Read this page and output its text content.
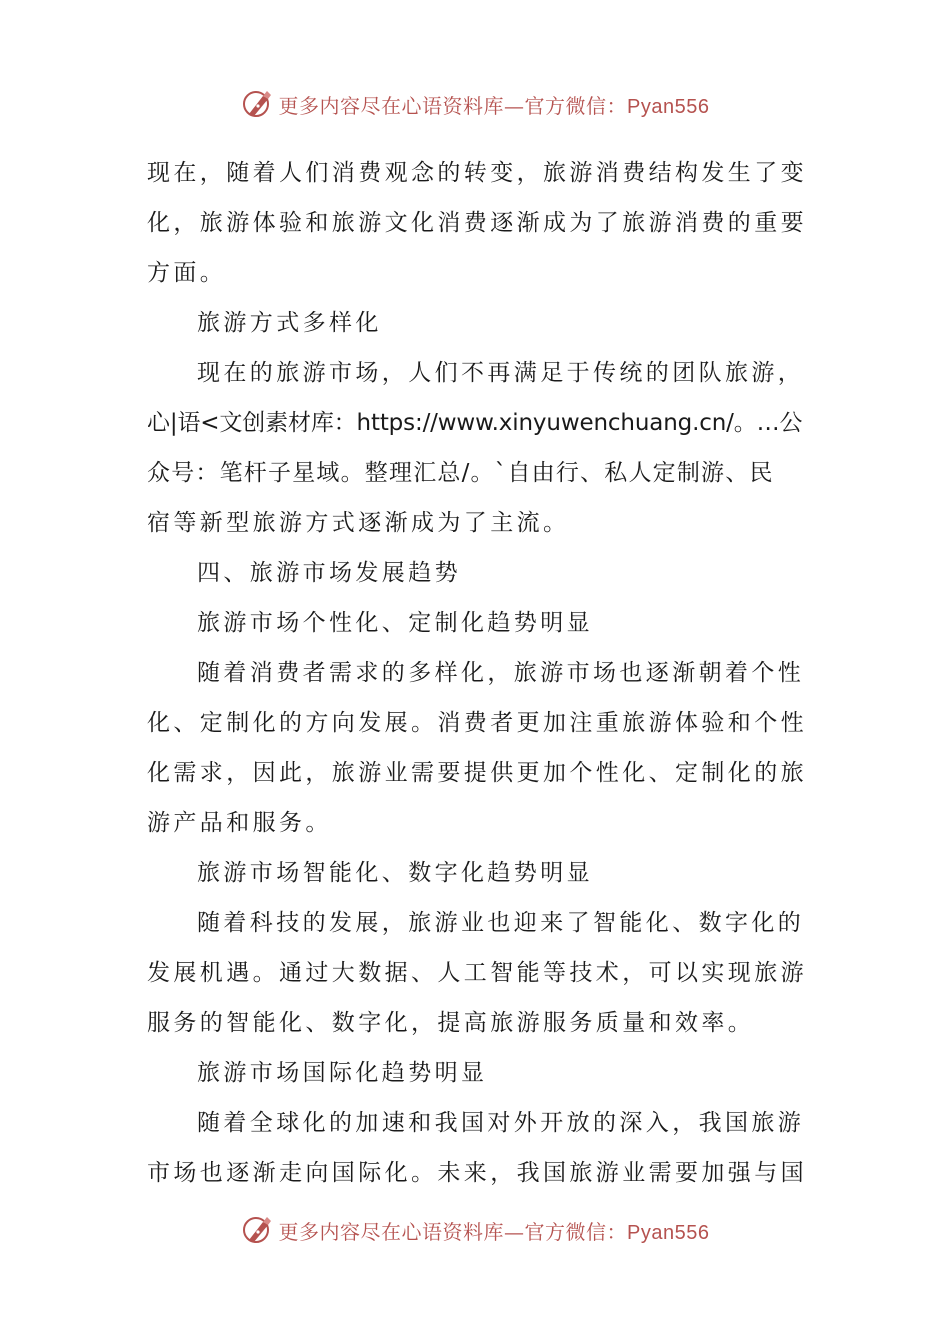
更多内容尽在心语资料库—官方微信：Pyan556
现在，随着人们消费观念的转变，旅游消费结构发生了变
化，旅游体验和旅游文化消费逐渐成为了旅游消费的重要
方面。
旅游方式多样化
现在的旅游市场，人们不再满足于传统的团队旅游，
心|语<文创素材库：https://www.xinyuwenchuang.cn/。…公
众号：笔杆子星域。整理汇总/。`自由行、私人定制游、民
宿等新型旅游方式逐渐成为了主流。
四、旅游市场发展趋势
旅游市场个性化、定制化趋势明显
随着消费者需求的多样化，旅游市场也逐渐朝着个性
化、定制化的方向发展。消费者更加注重旅游体验和个性
化需求，因此，旅游业需要提供更加个性化、定制化的旅
游产品和服务。
旅游市场智能化、数字化趋势明显
随着科技的发展，旅游业也迎来了智能化、数字化的
发展机遇。通过大数据、人工智能等技术，可以实现旅游
服务的智能化、数字化，提高旅游服务质量和效率。
旅游市场国际化趋势明显
随着全球化的加速和我国对外开放的深入，我国旅游
市场也逐渐走向国际化。未来，我国旅游业需要加强与国
更多内容尽在心语资料库—官方微信：Pyan556
